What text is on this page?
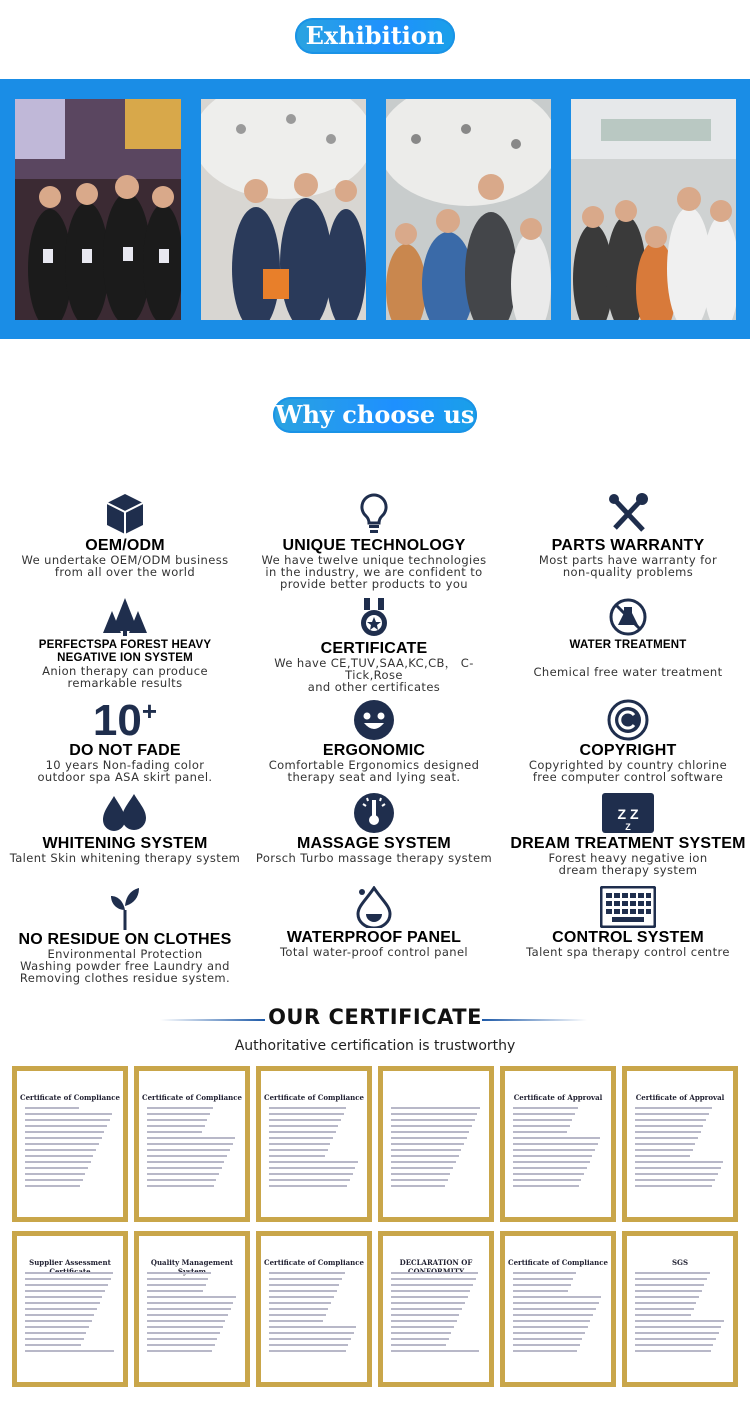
Exhibition
Why choose us
OEM/ODM
We undertake OEM/ODM business
from all over the world
UNIQUE TECHNOLOGY
We have twelve unique technologies
in the industry, we are confident to
provide better products to you
PARTS WARRANTY
Most parts have warranty for
non-quality problems
PERFECTSPA FOREST HEAVY
NEGATIVE ION SYSTEM
Anion therapy can produce
remarkable results
CERTIFICATE
We have CE,TUV,SAA,KC,CB， C-Tick,Rose
and other certificates
WATER TREATMENT
Chemical free water treatment
10+
DO NOT FADE
10 years Non-fading color
outdoor spa ASA skirt panel.
ERGONOMIC
Comfortable Ergonomics designed
therapy seat and lying seat.
COPYRIGHT
Copyrighted by country chlorine
free computer control software
WHITENING SYSTEM
Talent Skin whitening therapy system
MASSAGE SYSTEM
Porsch Turbo massage therapy system
Z Z
Z
DREAM TREATMENT SYSTEM
Forest heavy negative ion
dream therapy system
NO RESIDUE ON CLOTHES
Environmental Protection
Washing powder free Laundry and
Removing clothes residue system.
WATERPROOF PANEL
Total water-proof control panel
CONTROL SYSTEM
Talent spa therapy control centre
OUR CERTIFICATE
Authoritative certification is trustworthy
Certificate of Compliance	Certificate of Compliance	Certificate of Compliance	Certificate of Approval	Certificate of Approval
Supplier Assessment	Quality Management	Certificate of Compliance	DECLARATION OF	Certificate of Compliance	SGS
